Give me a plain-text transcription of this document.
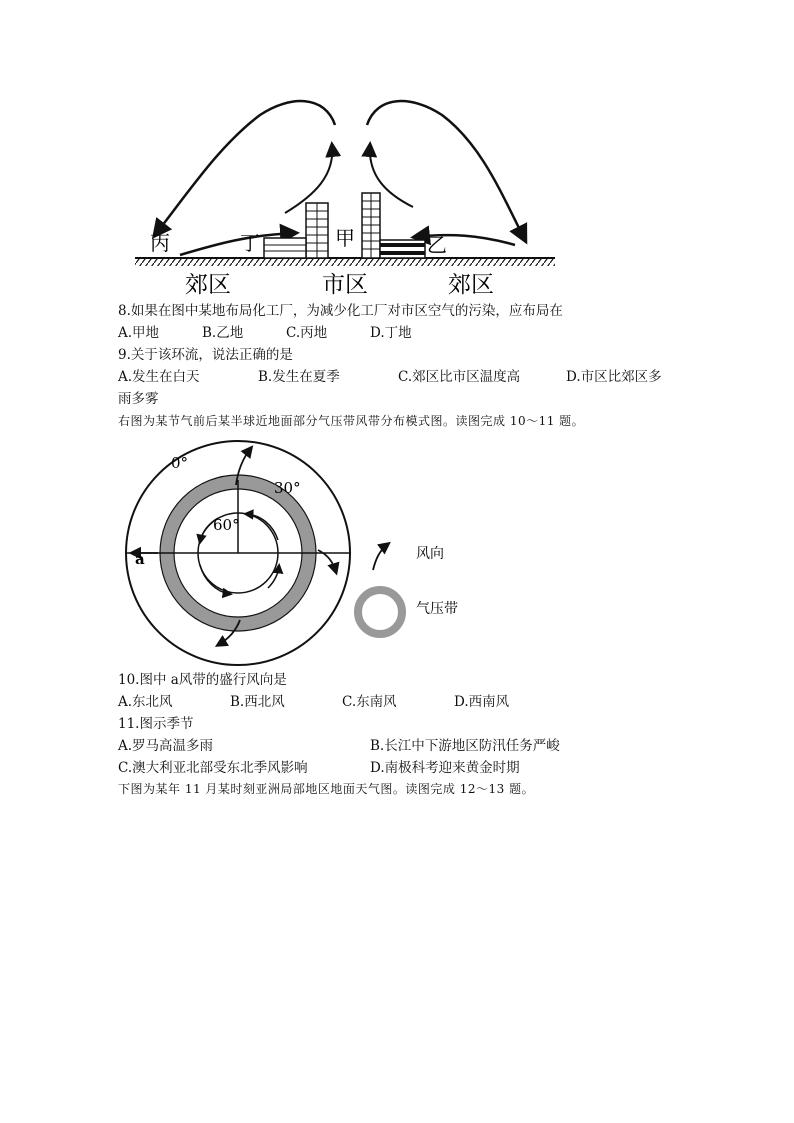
丙	丁	甲	乙
郊区	市区	郊区
8.如果在图中某地布局化工厂，为减少化工厂对市区空气的污染，应布局在
A.甲地	B.乙地	C.丙地	D.丁地
9.关于该环流，说法正确的是
A.发生在白天	B.发生在夏季	C.郊区比市区温度高	D.市区比郊区多
雨多雾
右图为某节气前后某半球近地面部分气压带风带分布模式图。读图完成 10～11 题。
0°
30°
60°
a	风向
气压带
10.图中 a风带的盛行风向是
A.东北风	B.西北风	C.东南风	D.西南风
11.图示季节
A.罗马高温多雨	B.长江中下游地区防汛任务严峻
C.澳大利亚北部受东北季风影响	D.南极科考迎来黄金时期
下图为某年 11 月某时刻亚洲局部地区地面天气图。读图完成 12～13 题。
